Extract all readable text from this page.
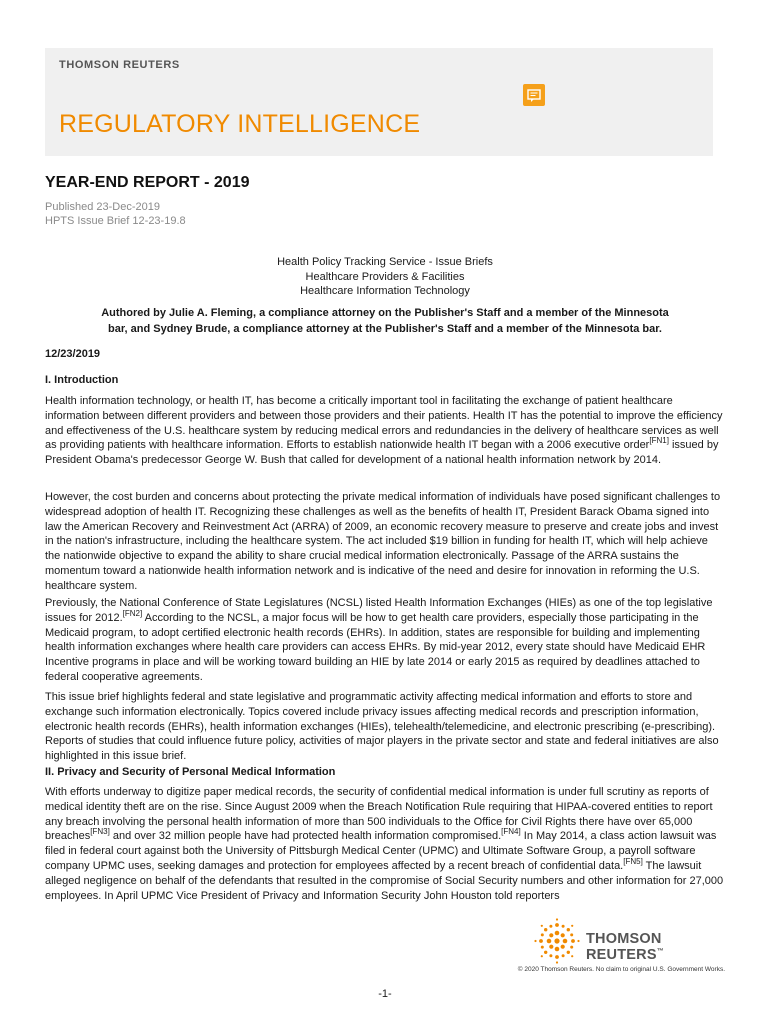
THOMSON REUTERS
REGULATORY INTELLIGENCE
YEAR-END REPORT - 2019
Published 23-Dec-2019
HPTS Issue Brief 12-23-19.8
Health Policy Tracking Service - Issue Briefs
Healthcare Providers & Facilities
Healthcare Information Technology
Authored by Julie A. Fleming, a compliance attorney on the Publisher's Staff and a member of the Minnesota
bar, and Sydney Brude, a compliance attorney at the Publisher's Staff and a member of the Minnesota bar.
12/23/2019
I. Introduction

Health information technology, or health IT, has become a critically important tool in facilitating the exchange of patient healthcare information between different providers and between those providers and their patients. Health IT has the potential to improve the efficiency and effectiveness of the U.S. healthcare system by reducing medical errors and redundancies in the delivery of healthcare services as well as providing patients with healthcare information. Efforts to establish nationwide health IT began with a 2006 executive order[FN1] issued by President Obama's predecessor George W. Bush that called for development of a national health information network by 2014.

However, the cost burden and concerns about protecting the private medical information of individuals have posed significant challenges to widespread adoption of health IT. Recognizing these challenges as well as the benefits of health IT, President Barack Obama signed into law the American Recovery and Reinvestment Act (ARRA) of 2009, an economic recovery measure to preserve and create jobs and invest in the nation's infrastructure, including the healthcare system. The act included $19 billion in funding for health IT, which will help achieve the nationwide objective to expand the ability to share crucial medical information electronically. Passage of the ARRA sustains the momentum toward a nationwide health information network and is indicative of the need and desire for innovation in reforming the U.S. healthcare system.

Previously, the National Conference of State Legislatures (NCSL) listed Health Information Exchanges (HIEs) as one of the top legislative issues for 2012.[FN2] According to the NCSL, a major focus will be how to get health care providers, especially those participating in the Medicaid program, to adopt certified electronic health records (EHRs). In addition, states are responsible for building and implementing health information exchanges where health care providers can access EHRs. By mid-year 2012, every state should have Medicaid EHR Incentive programs in place and will be working toward building an HIE by late 2014 or early 2015 as required by deadlines attached to federal cooperative agreements.

This issue brief highlights federal and state legislative and programmatic activity affecting medical information and efforts to store and exchange such information electronically. Topics covered include privacy issues affecting medical records and prescription information, electronic health records (EHRs), health information exchanges (HIEs), telehealth/telemedicine, and electronic prescribing (e-prescribing). Reports of studies that could influence future policy, activities of major players in the private sector and state and federal initiatives are also highlighted in this issue brief.

II. Privacy and Security of Personal Medical Information

With efforts underway to digitize paper medical records, the security of confidential medical information is under full scrutiny as reports of medical identity theft are on the rise. Since August 2009 when the Breach Notification Rule requiring that HIPAA-covered entities to report any breach involving the personal health information of more than 500 individuals to the Office for Civil Rights there have over 65,000 breaches[FN3] and over 32 million people have had protected health information compromised.[FN4] In May 2014, a class action lawsuit was filed in federal court against both the University of Pittsburgh Medical Center (UPMC) and Ultimate Software Group, a payroll software company UPMC uses, seeking damages and protection for employees affected by a recent breach of confidential data.[FN5] The lawsuit alleged negligence on behalf of the defendants that resulted in the compromise of Social Security numbers and other information for 27,000 employees. In April UPMC Vice President of Privacy and Information Security John Houston told reporters

THOMSON REUTERS™
© 2020 Thomson Reuters. No claim to original U.S. Government Works.
-1-
